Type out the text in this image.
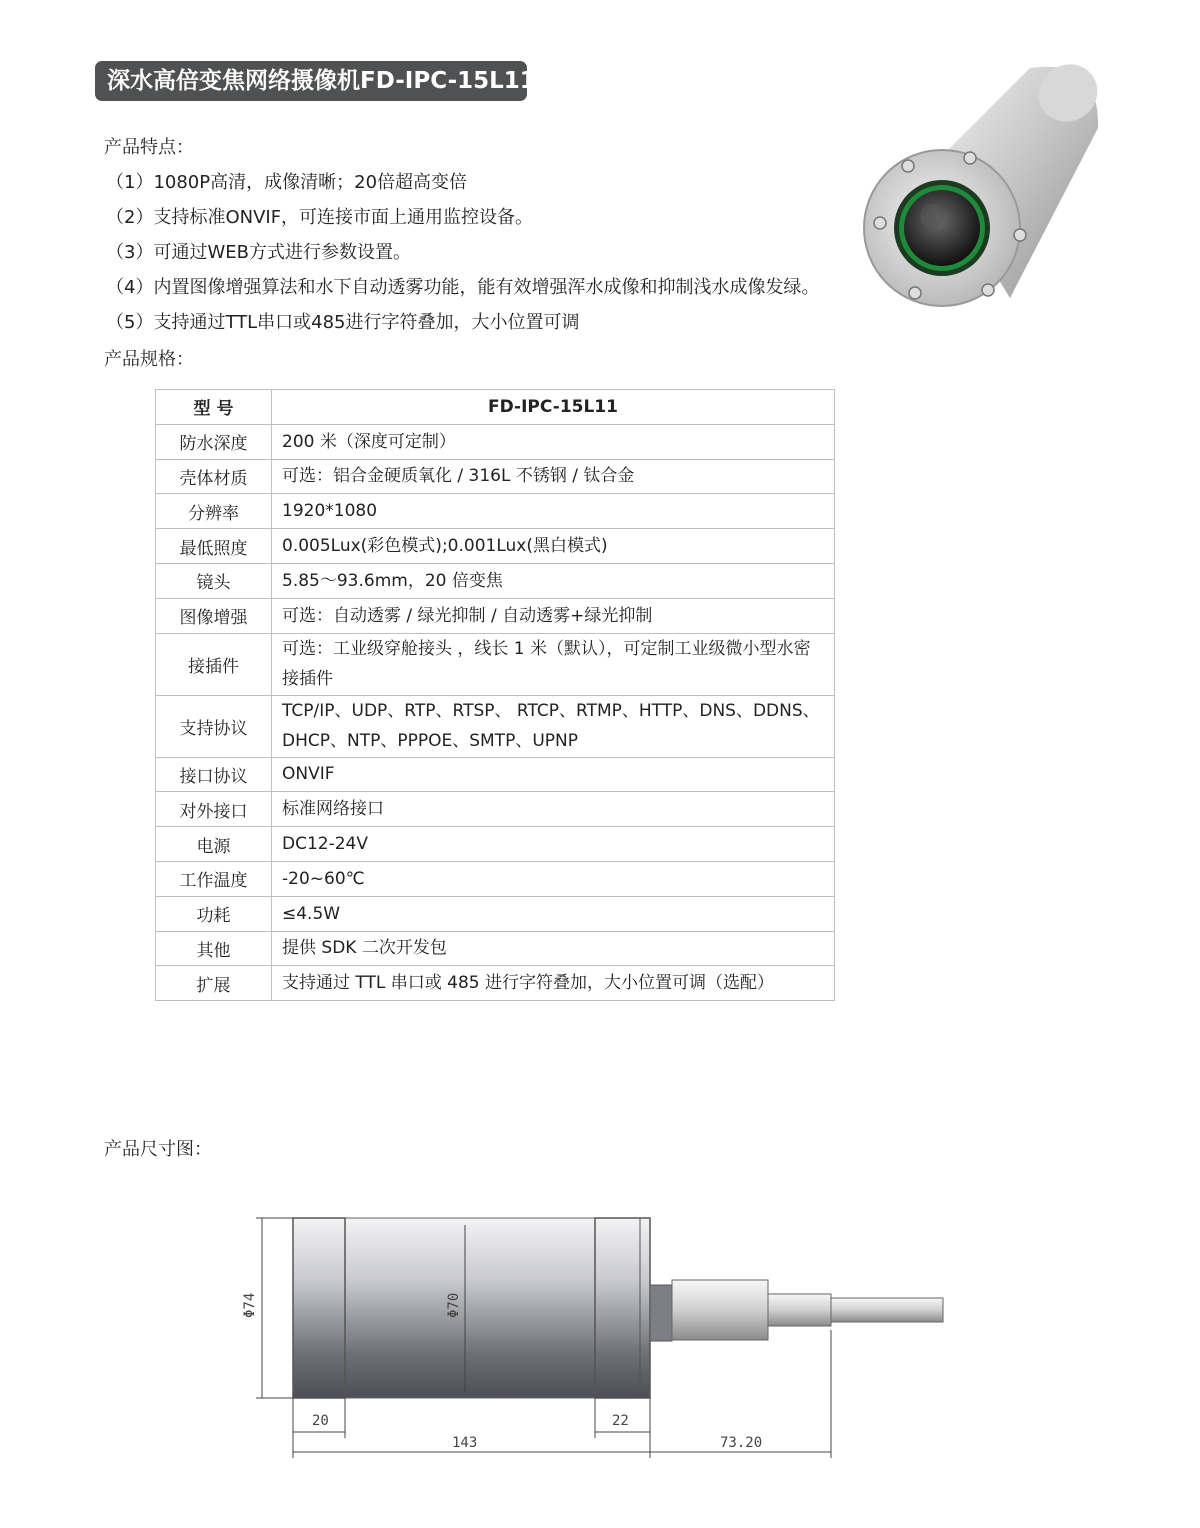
深水高倍变焦网络摄像机FD-IPC-15L11
产品特点：
（1）1080P高清，成像清晰；20倍超高变倍
（2）支持标准ONVIF，可连接市面上通用监控设备。
（3）可通过WEB方式进行参数设置。
（4）内置图像增强算法和水下自动透雾功能，能有效增强浑水成像和抑制浅水成像发绿。
（5）支持通过TTL串口或485进行字符叠加，大小位置可调
产品规格：
型 号	FD-IPC-15L11
防水深度	200 米（深度可定制）
壳体材质	可选：铝合金硬质氧化 / 316L 不锈钢 / 钛合金
分辨率	1920*1080
最低照度	0.005Lux(彩色模式);0.001Lux(黑白模式)
镜头	5.85～93.6mm，20 倍变焦
图像增强	可选：自动透雾 / 绿光抑制 / 自动透雾+绿光抑制
接插件	可选：工业级穿舱接头 ，线长 1 米（默认），可定制工业级微小型水密接插件
支持协议	TCP/IP、UDP、RTP、RTSP、 RTCP、RTMP、HTTP、DNS、DDNS、DHCP、NTP、PPPOE、SMTP、UPNP
接口协议	ONVIF
对外接口	标准网络接口
电源	DC12-24V
工作温度	-20~60℃
功耗	≤4.5W
其他	提供 SDK 二次开发包
扩展	支持通过 TTL 串口或 485 进行字符叠加，大小位置可调（选配）
产品尺寸图：
Φ74	Φ70
20	22
143	73.20
